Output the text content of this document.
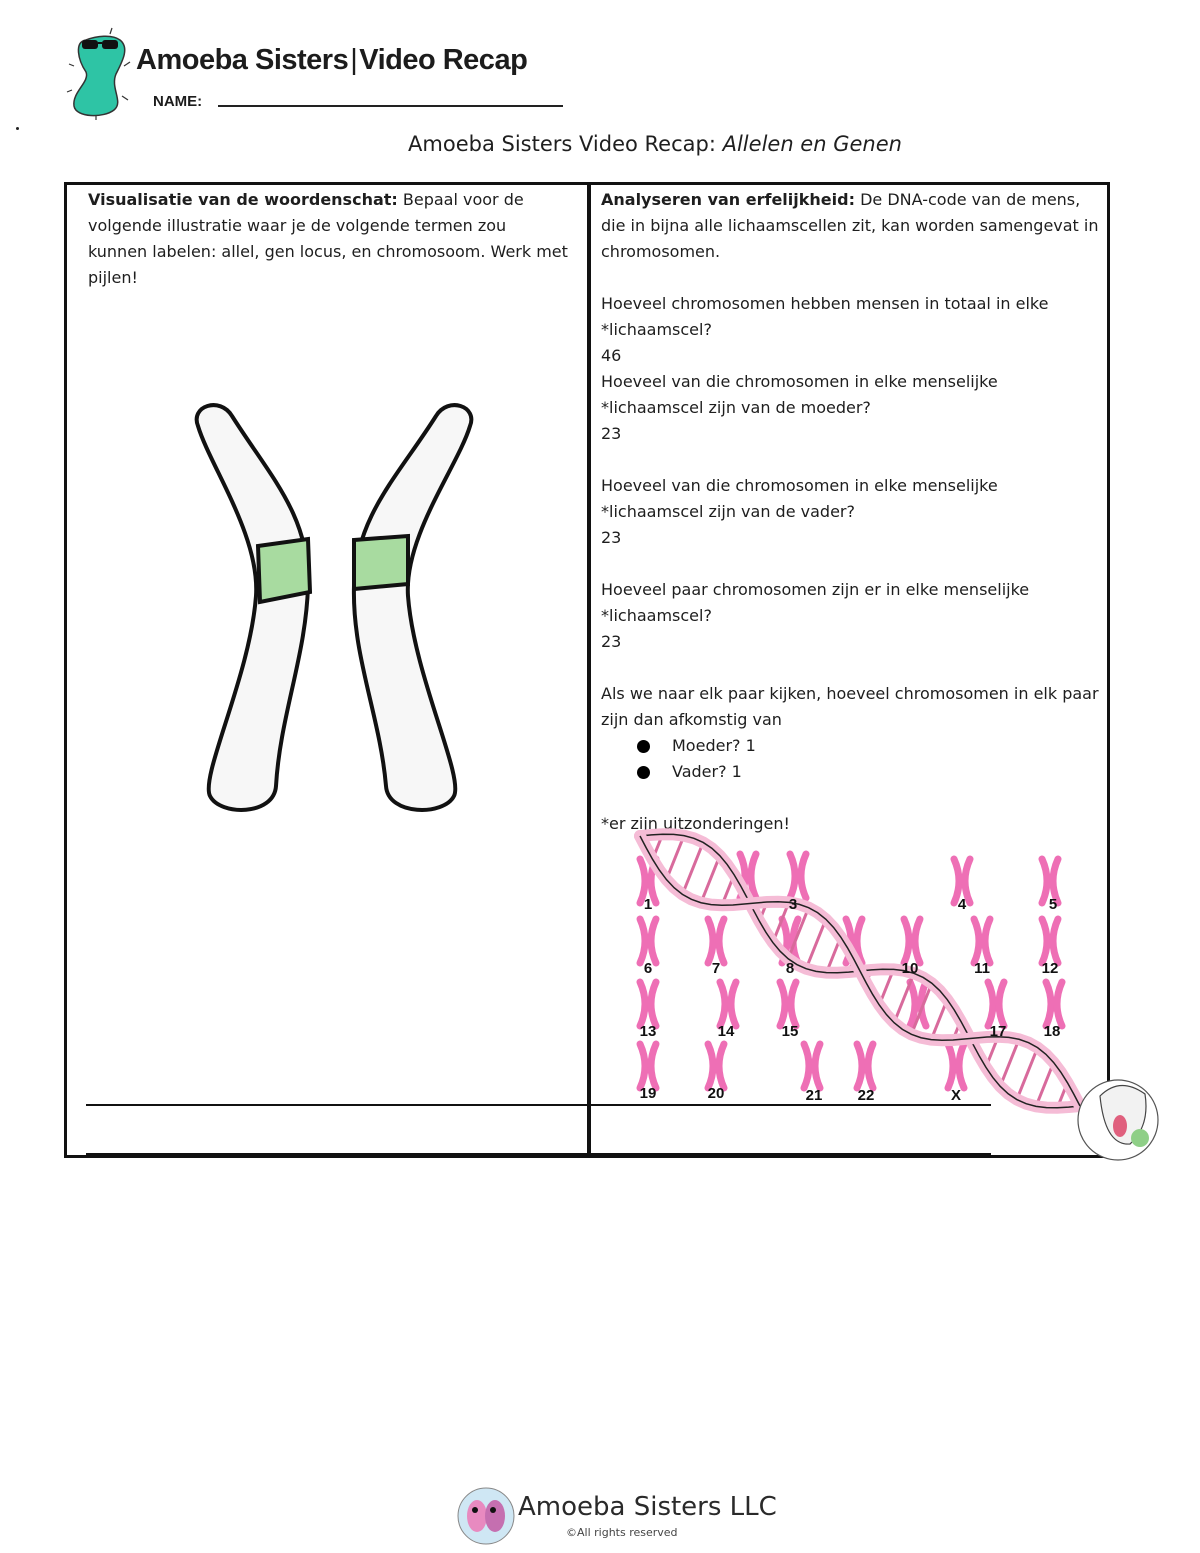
Amoeba Sisters|Video Recap
NAME:
Amoeba Sisters Video Recap: Allelen en Genen

Visualisatie van de woordenschat: Bepaal voor de volgende illustratie waar je de volgende termen zou kunnen labelen: allel, gen locus, en chromosoom. Werk met pijlen!

Analyseren van erfelijkheid: De DNA-code van de mens, die in bijna alle lichaamscellen zit, kan worden samengevat in chromosomen.

Hoeveel chromosomen hebben mensen in totaal in elke *lichaamscel?

46

Hoeveel van die chromosomen in elke menselijke *lichaamscel zijn van de moeder?

23

Hoeveel van die chromosomen in elke menselijke *lichaamscel zijn van de vader?

23

Hoeveel paar chromosomen zijn er in elke menselijke *lichaamscel?

23

Als we naar elk paar kijken, hoeveel chromosomen in elk paar zijn dan afkomstig van

Moeder? 1
Vader? 1

*er zijn uitzonderingen!

1	3	4	5
6	7	8	10	11	12
13	14	15	17 18
19	20	21 22	X
Amoeba Sisters LLC
©All rights reserved
